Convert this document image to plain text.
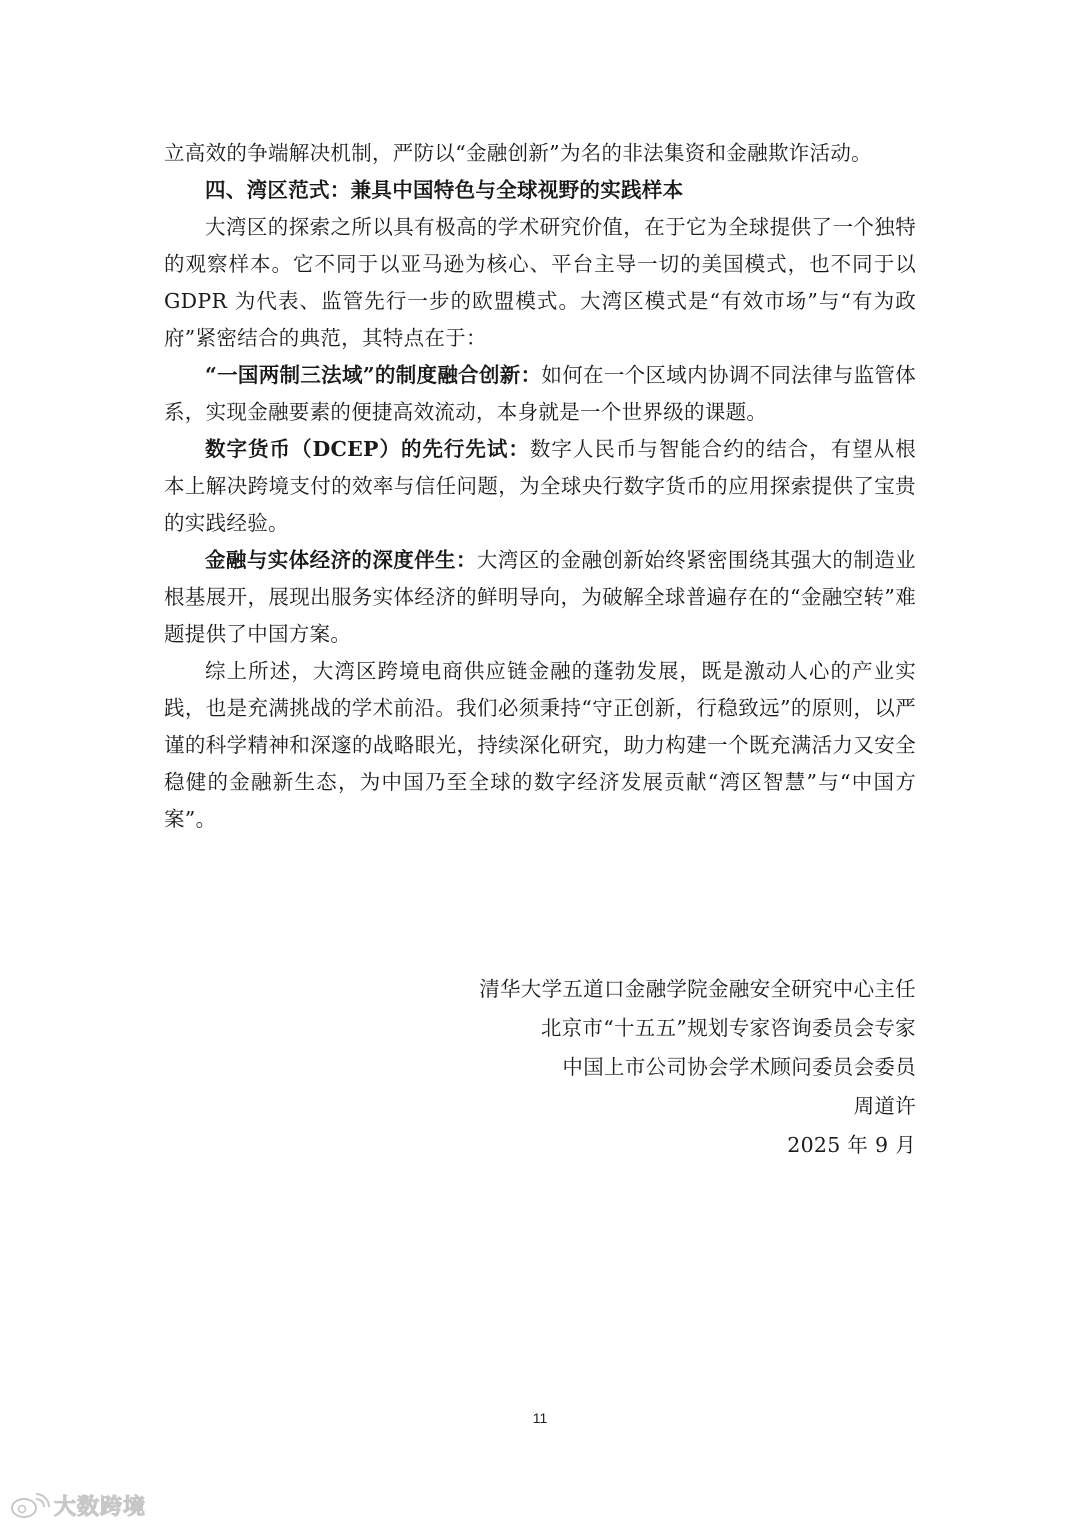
立高效的争端解决机制，严防以“金融创新”为名的非法集资和金融欺诈活动。

四、湾区范式：兼具中国特色与全球视野的实践样本

大湾区的探索之所以具有极高的学术研究价值，在于它为全球提供了一个独特的观察样本。它不同于以亚马逊为核心、平台主导一切的美国模式，也不同于以 GDPR 为代表、监管先行一步的欧盟模式。大湾区模式是“有效市场”与“有为政府”紧密结合的典范，其特点在于：

“一国两制三法域”的制度融合创新：如何在一个区域内协调不同法律与监管体系，实现金融要素的便捷高效流动，本身就是一个世界级的课题。

数字货币（DCEP）的先行先试：数字人民币与智能合约的结合，有望从根本上解决跨境支付的效率与信任问题，为全球央行数字货币的应用探索提供了宝贵的实践经验。

金融与实体经济的深度伴生：大湾区的金融创新始终紧密围绕其强大的制造业根基展开，展现出服务实体经济的鲜明导向，为破解全球普遍存在的“金融空转”难题提供了中国方案。

综上所述，大湾区跨境电商供应链金融的蓬勃发展，既是激动人心的产业实践，也是充满挑战的学术前沿。我们必须秉持“守正创新，行稳致远”的原则，以严谨的科学精神和深邃的战略眼光，持续深化研究，助力构建一个既充满活力又安全稳健的金融新生态，为中国乃至全球的数字经济发展贡献“湾区智慧”与“中国方案”。

清华大学五道口金融学院金融安全研究中心主任
北京市“十五五”规划专家咨询委员会专家
中国上市公司协会学术顾问委员会委员
周道许
2025 年 9 月
11
大数跨境
